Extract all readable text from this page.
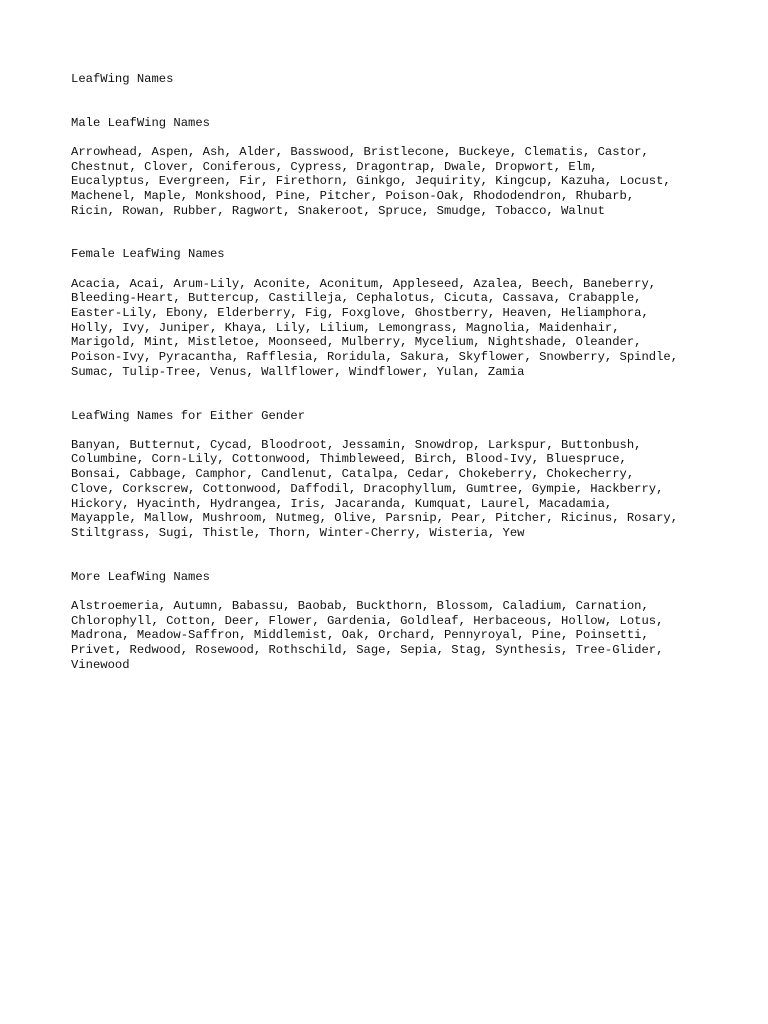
LeafWing Names
Male LeafWing Names
Arrowhead, Aspen, Ash, Alder, Basswood, Bristlecone, Buckeye, Clematis, Castor,
Chestnut, Clover, Coniferous, Cypress, Dragontrap, Dwale, Dropwort, Elm,
Eucalyptus, Evergreen, Fir, Firethorn, Ginkgo, Jequirity, Kingcup, Kazuha, Locust,
Machenel, Maple, Monkshood, Pine, Pitcher, Poison-Oak, Rhododendron, Rhubarb,
Ricin, Rowan, Rubber, Ragwort, Snakeroot, Spruce, Smudge, Tobacco, Walnut
Female LeafWing Names
Acacia, Acai, Arum-Lily, Aconite, Aconitum, Appleseed, Azalea, Beech, Baneberry,
Bleeding-Heart, Buttercup, Castilleja, Cephalotus, Cicuta, Cassava, Crabapple,
Easter-Lily, Ebony, Elderberry, Fig, Foxglove, Ghostberry, Heaven, Heliamphora,
Holly, Ivy, Juniper, Khaya, Lily, Lilium, Lemongrass, Magnolia, Maidenhair,
Marigold, Mint, Mistletoe, Moonseed, Mulberry, Mycelium, Nightshade, Oleander,
Poison-Ivy, Pyracantha, Rafflesia, Roridula, Sakura, Skyflower, Snowberry, Spindle,
Sumac, Tulip-Tree, Venus, Wallflower, Windflower, Yulan, Zamia
LeafWing Names for Either Gender
Banyan, Butternut, Cycad, Bloodroot, Jessamin, Snowdrop, Larkspur, Buttonbush,
Columbine, Corn-Lily, Cottonwood, Thimbleweed, Birch, Blood-Ivy, Bluespruce,
Bonsai, Cabbage, Camphor, Candlenut, Catalpa, Cedar, Chokeberry, Chokecherry,
Clove, Corkscrew, Cottonwood, Daffodil, Dracophyllum, Gumtree, Gympie, Hackberry,
Hickory, Hyacinth, Hydrangea, Iris, Jacaranda, Kumquat, Laurel, Macadamia,
Mayapple, Mallow, Mushroom, Nutmeg, Olive, Parsnip, Pear, Pitcher, Ricinus, Rosary,
Stiltgrass, Sugi, Thistle, Thorn, Winter-Cherry, Wisteria, Yew
More LeafWing Names
Alstroemeria, Autumn, Babassu, Baobab, Buckthorn, Blossom, Caladium, Carnation,
Chlorophyll, Cotton, Deer, Flower, Gardenia, Goldleaf, Herbaceous, Hollow, Lotus,
Madrona, Meadow-Saffron, Middlemist, Oak, Orchard, Pennyroyal, Pine, Poinsetti,
Privet, Redwood, Rosewood, Rothschild, Sage, Sepia, Stag, Synthesis, Tree-Glider,
Vinewood
